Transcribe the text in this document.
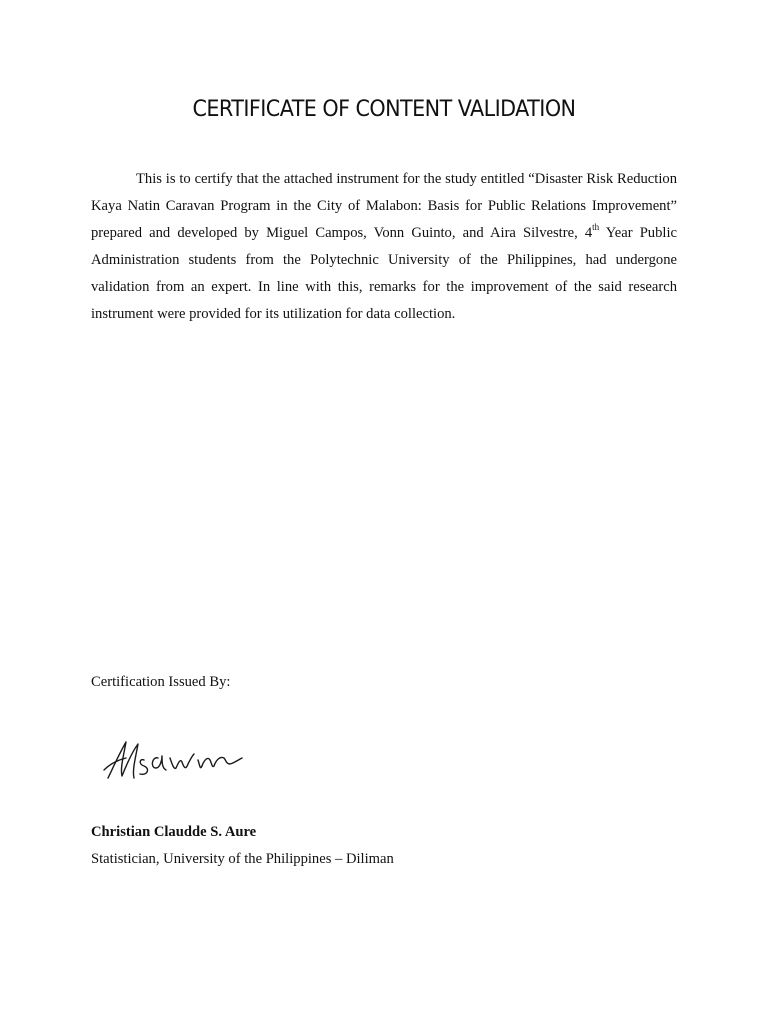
CERTIFICATE OF CONTENT VALIDATION

This is to certify that the attached instrument for the study entitled “Disaster Risk Reduction Kaya Natin Caravan Program in the City of Malabon: Basis for Public Relations Improvement” prepared and developed by Miguel Campos, Vonn Guinto, and Aira Silvestre, 4th Year Public Administration students from the Polytechnic University of the Philippines, had undergone validation from an expert. In line with this, remarks for the improvement of the said research instrument were provided for its utilization for data collection.

Certification Issued By:

Christian Claudde S. Aure

Statistician, University of the Philippines – Diliman
